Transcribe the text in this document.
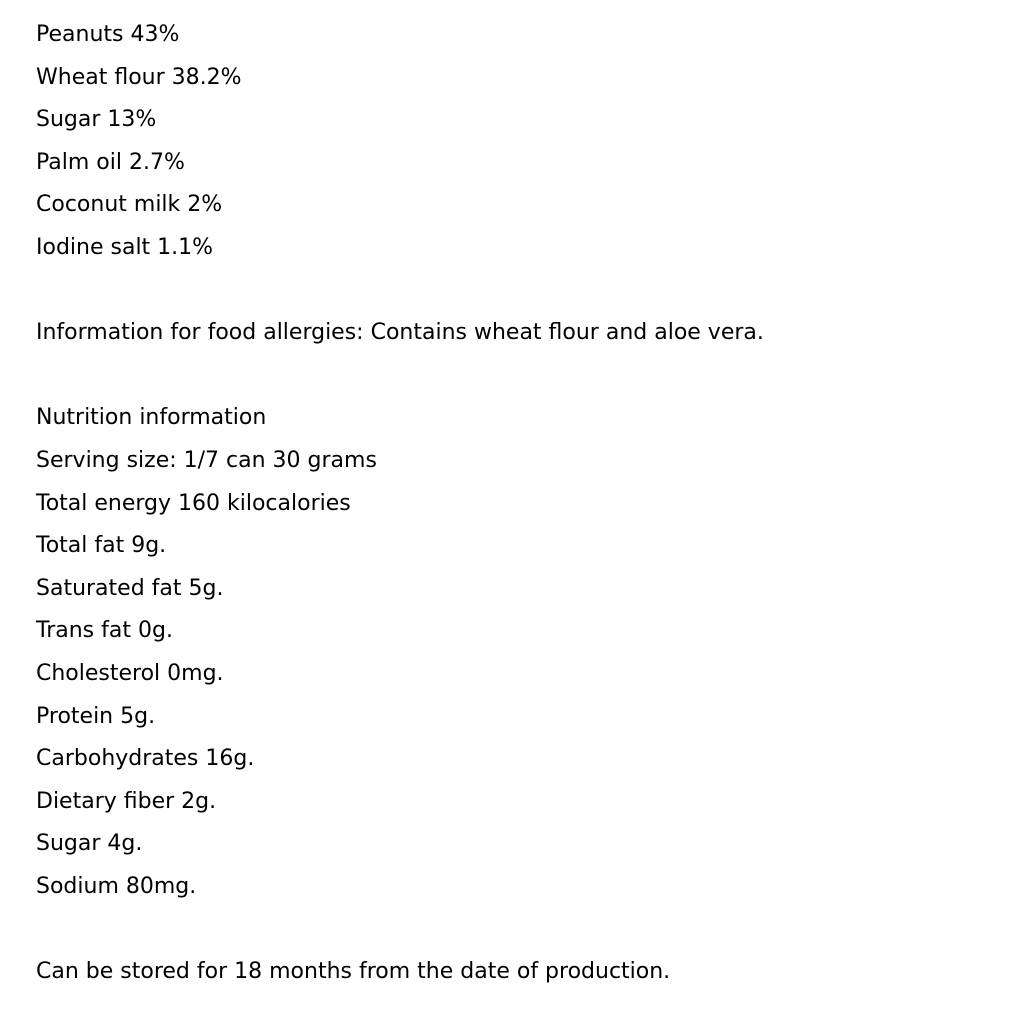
Peanuts 43%
Wheat flour 38.2%
Sugar 13%
Palm oil 2.7%
Coconut milk 2%
Iodine salt 1.1%
Information for food allergies: Contains wheat flour and aloe vera.
Nutrition information
Serving size: 1/7 can 30 grams
Total energy 160 kilocalories
Total fat 9g.
Saturated fat 5g.
Trans fat 0g.
Cholesterol 0mg.
Protein 5g.
Carbohydrates 16g.
Dietary fiber 2g.
Sugar 4g.
Sodium 80mg.
Can be stored for 18 months from the date of production.
